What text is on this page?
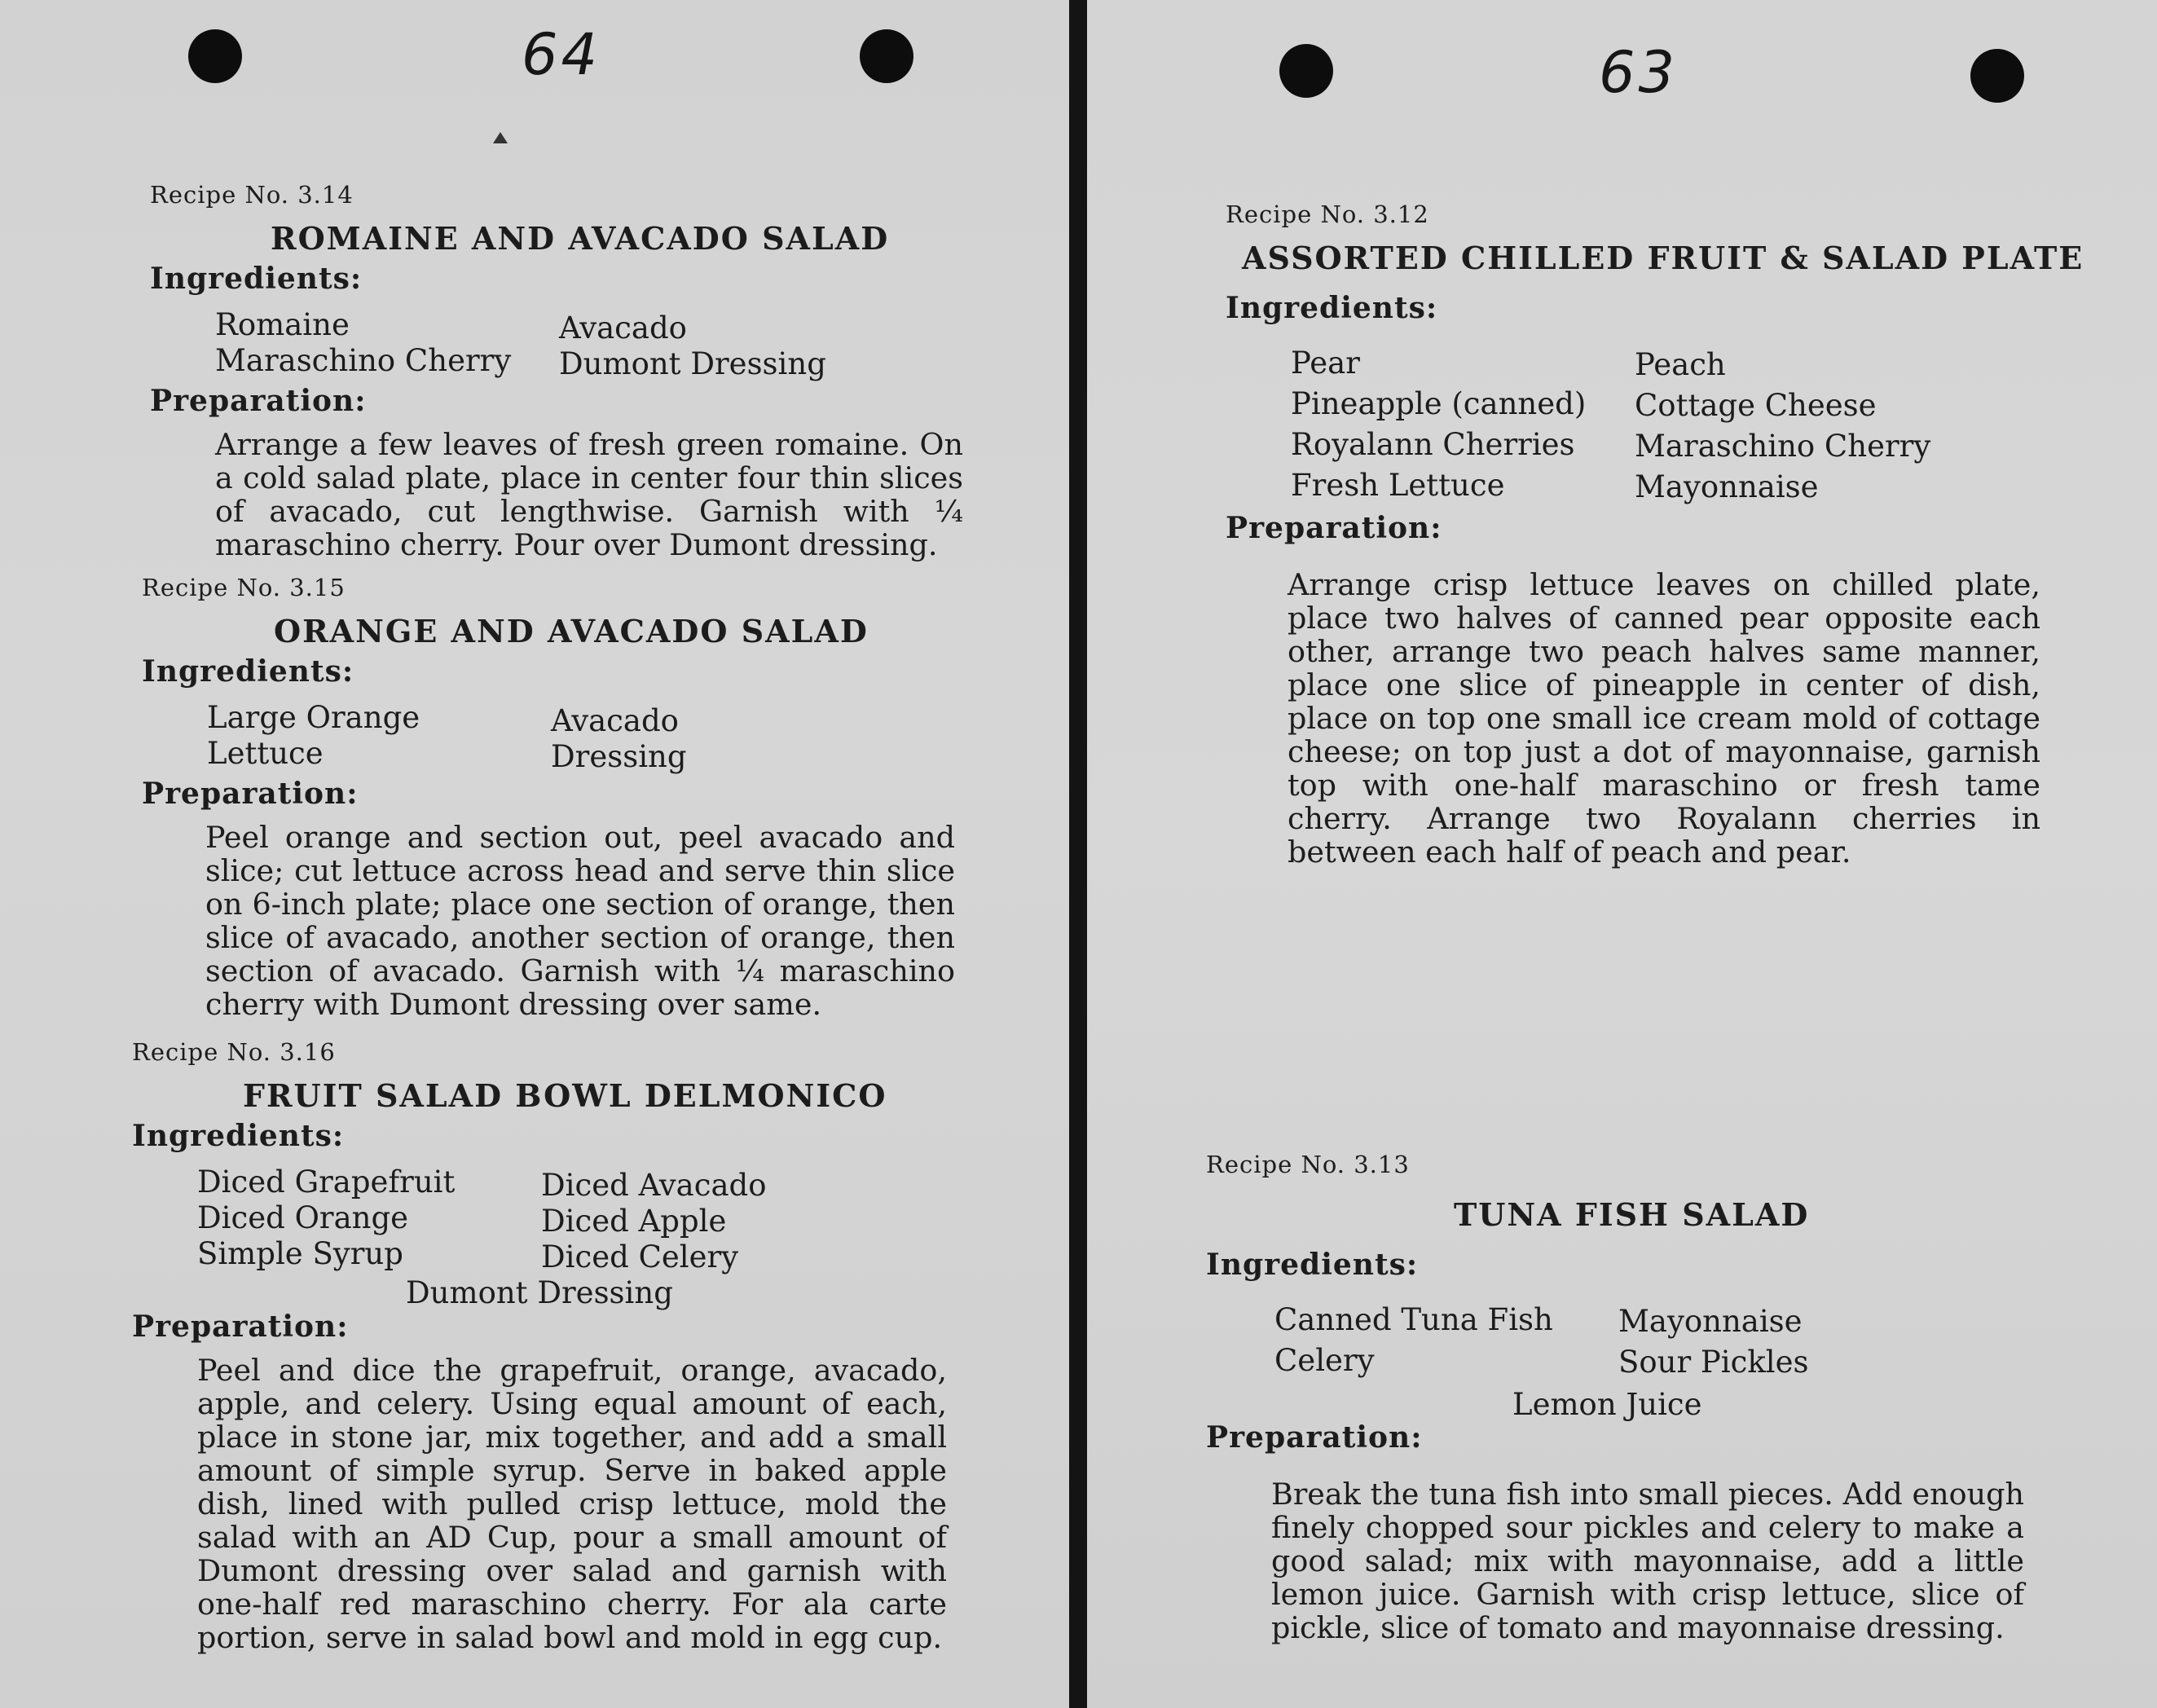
64
Recipe No. 3.14
ROMAINE AND AVACADO SALAD
Ingredients:
Romaine
Maraschino Cherry
Avacado
Dumont Dressing
Preparation:

Arrange a few leaves of fresh green romaine. On a cold salad plate, place in center four thin slices of avacado, cut lengthwise. Garnish with ¼ maraschino cherry. Pour over Dumont dressing.

Recipe No. 3.15
ORANGE AND AVACADO SALAD
Ingredients:
Large Orange
Lettuce
Avacado
Dressing
Preparation:

Peel orange and section out, peel avacado and slice; cut lettuce across head and serve thin slice on 6-inch plate; place one section of orange, then slice of avacado, another section of orange, then section of avacado. Garnish with ¼ maraschino cherry with Dumont dressing over same.

Recipe No. 3.16
FRUIT SALAD BOWL DELMONICO
Ingredients:
Diced Grapefruit
Diced Orange
Simple Syrup
Diced Avacado
Diced Apple
Diced Celery
Dumont Dressing
Preparation:

Peel and dice the grapefruit, orange, avacado, apple, and celery. Using equal amount of each, place in stone jar, mix together, and add a small amount of simple syrup. Serve in baked apple dish, lined with pulled crisp lettuce, mold the salad with an AD Cup, pour a small amount of Dumont dressing over salad and garnish with one-half red maraschino cherry. For ala carte portion, serve in salad bowl and mold in egg cup.

63
Recipe No. 3.12
ASSORTED CHILLED FRUIT & SALAD PLATE
Ingredients:
Pear
Pineapple (canned)
Royalann Cherries
Fresh Lettuce
Peach
Cottage Cheese
Maraschino Cherry
Mayonnaise
Preparation:

Arrange crisp lettuce leaves on chilled plate, place two halves of canned pear opposite each other, arrange two peach halves same manner, place one slice of pineapple in center of dish, place on top one small ice cream mold of cottage cheese; on top just a dot of mayonnaise, garnish top with one-half maraschino or fresh tame cherry. Arrange two Royalann cherries in between each half of peach and pear.

Recipe No. 3.13
TUNA FISH SALAD
Ingredients:
Canned Tuna Fish
Celery
Mayonnaise
Sour Pickles
Lemon Juice
Preparation:

Break the tuna fish into small pieces. Add enough finely chopped sour pickles and celery to make a good salad; mix with mayonnaise, add a little lemon juice. Garnish with crisp lettuce, slice of pickle, slice of tomato and mayonnaise dressing.
